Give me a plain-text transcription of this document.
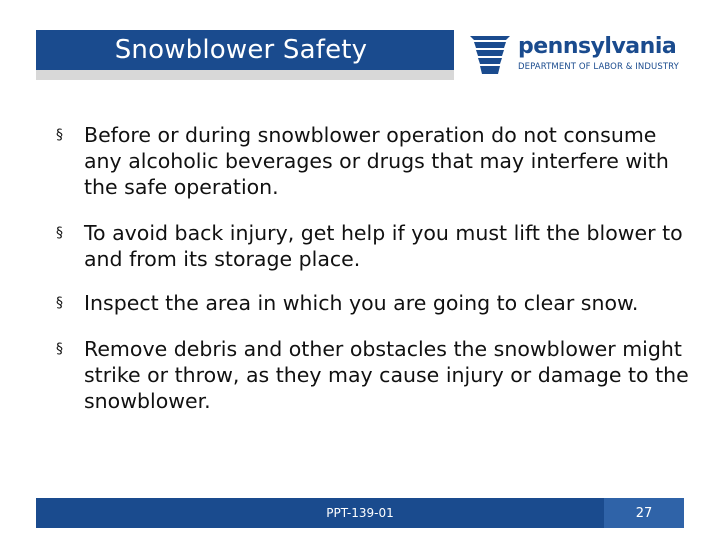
Snowblower Safety	pennsylvania
DEPARTMENT OF LABOR & INDUSTRY
§	Before or during snowblower operation do not consume any alcoholic beverages or drugs that may interfere with the safe operation.
§	To avoid back injury, get help if you must lift the blower to and from its storage place.
§	Inspect the area in which you are going to clear snow.
§	Remove debris and other obstacles the snowblower might strike or throw, as they may cause injury or damage to the snowblower.
PPT-139-01	27
